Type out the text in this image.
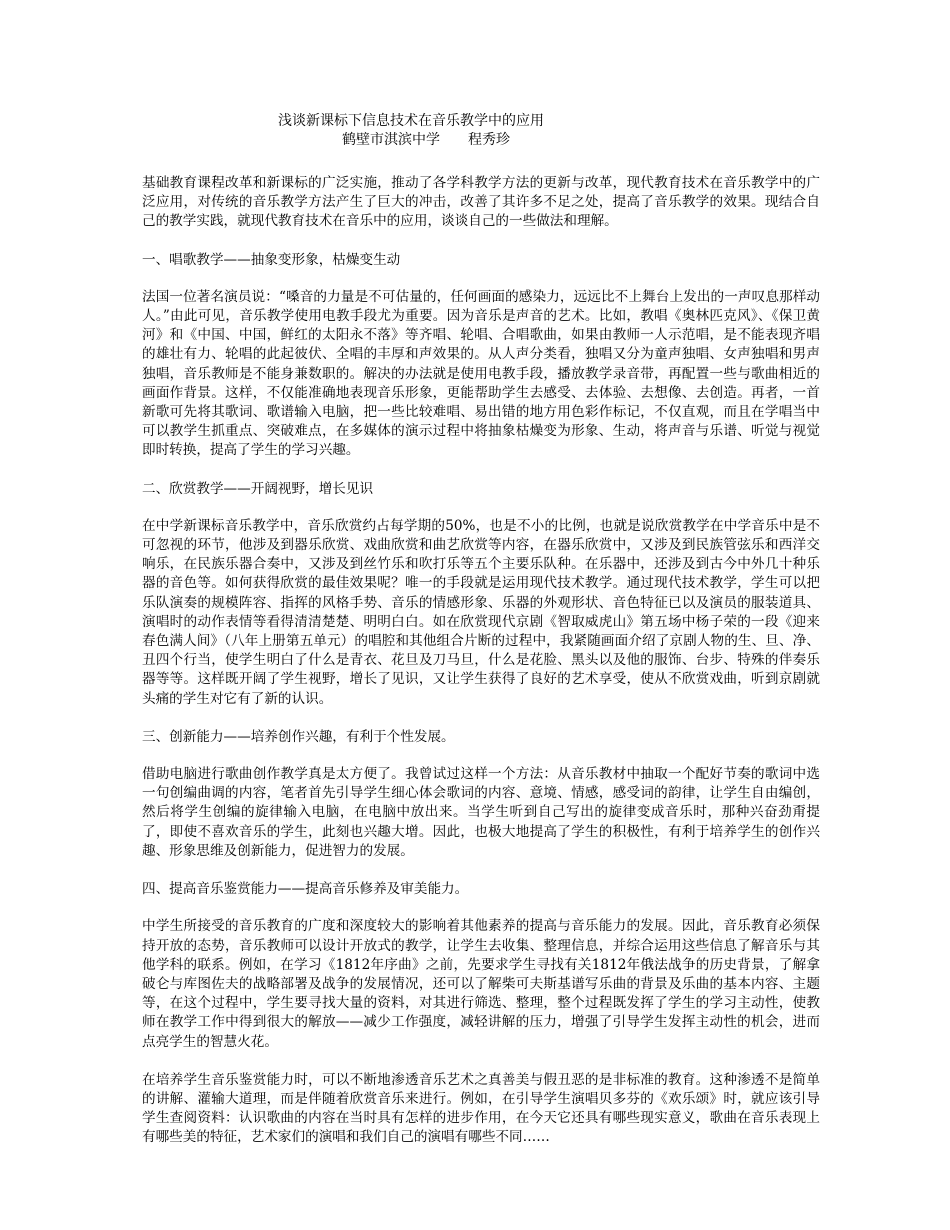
浅谈新课标下信息技术在音乐教学中的应用
鹤壁市淇滨中学 程秀珍

基础教育课程改革和新课标的广泛实施，推动了各学科教学方法的更新与改革，现代教育技术在音乐教学中的广泛应用，对传统的音乐教学方法产生了巨大的冲击，改善了其许多不足之处，提高了音乐教学的效果。现结合自己的教学实践，就现代教育技术在音乐中的应用，谈谈自己的一些做法和理解。

一、唱歌教学——抽象变形象，枯燥变生动

法国一位著名演员说：“嗓音的力量是不可估量的，任何画面的感染力，远远比不上舞台上发出的一声叹息那样动人。”由此可见，音乐教学使用电教手段尤为重要。因为音乐是声音的艺术。比如，教唱《奥林匹克风》、《保卫黄河》和《中国、中国，鲜红的太阳永不落》等齐唱、轮唱、合唱歌曲，如果由教师一人示范唱，是不能表现齐唱的雄壮有力、轮唱的此起彼伏、全唱的丰厚和声效果的。从人声分类看，独唱又分为童声独唱、女声独唱和男声独唱，音乐教师是不能身兼数职的。解决的办法就是使用电教手段，播放教学录音带，再配置一些与歌曲相近的画面作背景。这样，不仅能准确地表现音乐形象，更能帮助学生去感受、去体验、去想像、去创造。再者，一首新歌可先将其歌词、歌谱输入电脑，把一些比较难唱、易出错的地方用色彩作标记，不仅直观，而且在学唱当中可以教学生抓重点、突破难点，在多媒体的演示过程中将抽象枯燥变为形象、生动，将声音与乐谱、听觉与视觉即时转换，提高了学生的学习兴趣。

二、欣赏教学——开阔视野，增长见识

在中学新课标音乐教学中，音乐欣赏约占每学期的50%，也是不小的比例，也就是说欣赏教学在中学音乐中是不可忽视的环节，他涉及到器乐欣赏、戏曲欣赏和曲艺欣赏等内容，在器乐欣赏中，又涉及到民族管弦乐和西洋交响乐，在民族乐器合奏中，又涉及到丝竹乐和吹打乐等五个主要乐队种。在乐器中，还涉及到古今中外几十种乐器的音色等。如何获得欣赏的最佳效果呢？唯一的手段就是运用现代技术教学。通过现代技术教学，学生可以把乐队演奏的规模阵容、指挥的风格手势、音乐的情感形象、乐器的外观形状、音色特征已以及演员的服装道具、演唱时的动作表情等看得清清楚楚、明明白白。如在欣赏现代京剧《智取威虎山》第五场中杨子荣的一段《迎来春色满人间》（八年上册第五单元）的唱腔和其他组合片断的过程中，我紧随画面介绍了京剧人物的生、旦、净、丑四个行当，使学生明白了什么是青衣、花旦及刀马旦，什么是花脸、黑头以及他的服饰、台步、特殊的伴奏乐器等等。这样既开阔了学生视野，增长了见识，又让学生获得了良好的艺术享受，使从不欣赏戏曲，听到京剧就头痛的学生对它有了新的认识。

三、创新能力——培养创作兴趣，有利于个性发展。

借助电脑进行歌曲创作教学真是太方便了。我曾试过这样一个方法：从音乐教材中抽取一个配好节奏的歌词中选一句创编曲调的内容，笔者首先引导学生细心体会歌词的内容、意境、情感，感受词的韵律，让学生自由编创，然后将学生创编的旋律输入电脑，在电脑中放出来。当学生听到自己写出的旋律变成音乐时，那种兴奋劲甭提了，即使不喜欢音乐的学生，此刻也兴趣大增。因此，也极大地提高了学生的积极性，有利于培养学生的创作兴趣、形象思维及创新能力，促进智力的发展。

四、提高音乐鉴赏能力——提高音乐修养及审美能力。

中学生所接受的音乐教育的广度和深度较大的影响着其他素养的提高与音乐能力的发展。因此，音乐教育必须保持开放的态势，音乐教师可以设计开放式的教学，让学生去收集、整理信息，并综合运用这些信息了解音乐与其他学科的联系。例如，在学习《1812年序曲》之前，先要求学生寻找有关1812年俄法战争的历史背景，了解拿破仑与库图佐夫的战略部署及战争的发展情况，还可以了解柴可夫斯基谱写乐曲的背景及乐曲的基本内容、主题等，在这个过程中，学生要寻找大量的资料，对其进行筛选、整理，整个过程既发挥了学生的学习主动性，使教师在教学工作中得到很大的解放——减少工作强度，减轻讲解的压力，增强了引导学生发挥主动性的机会，进而点亮学生的智慧火花。

在培养学生音乐鉴赏能力时，可以不断地渗透音乐艺术之真善美与假丑恶的是非标准的教育。这种渗透不是简单的讲解、灌输大道理，而是伴随着欣赏音乐来进行。例如，在引导学生演唱贝多芬的《欢乐颂》时，就应该引导学生查阅资料：认识歌曲的内容在当时具有怎样的进步作用，在今天它还具有哪些现实意义，歌曲在音乐表现上有哪些美的特征，艺术家们的演唱和我们自己的演唱有哪些不同……
